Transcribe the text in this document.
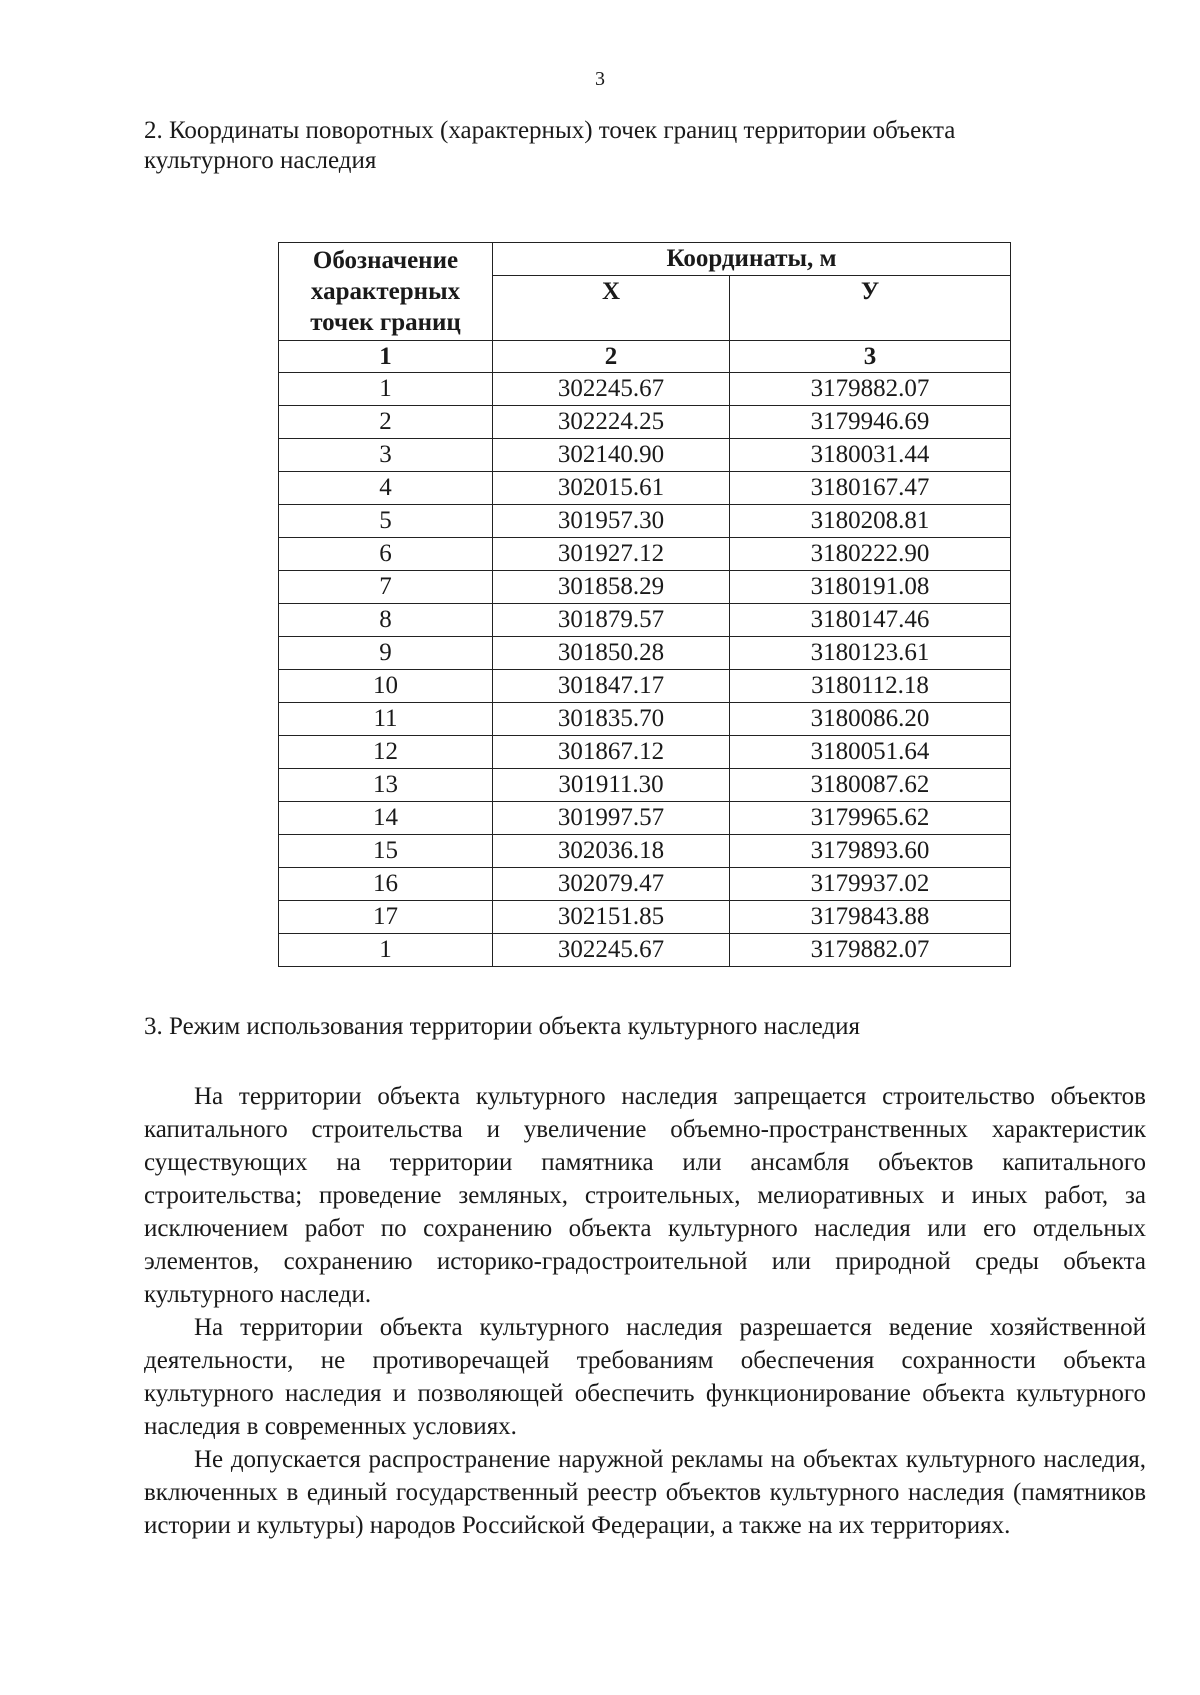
3
2. Координаты поворотных (характерных) точек границ территории объекта культурного наследия
Обозначение характерных точек границ	Координаты, м	
	Х	У
1	2	3
1	302245.67	3179882.07
2	302224.25	3179946.69
3	302140.90	3180031.44
4	302015.61	3180167.47
5	301957.30	3180208.81
6	301927.12	3180222.90
7	301858.29	3180191.08
8	301879.57	3180147.46
9	301850.28	3180123.61
10	301847.17	3180112.18
11	301835.70	3180086.20
12	301867.12	3180051.64
13	301911.30	3180087.62
14	301997.57	3179965.62
15	302036.18	3179893.60
16	302079.47	3179937.02
17	302151.85	3179843.88
1	302245.67	3179882.07
3. Режим использования территории объекта культурного наследия

На территории объекта культурного наследия запрещается строительство объектов капитального строительства и увеличение объемно-пространственных характеристик существующих на территории памятника или ансамбля объектов капитального строительства; проведение земляных, строительных, мелиоративных и иных работ, за исключением работ по сохранению объекта культурного наследия или его отдельных элементов, сохранению историко-градостроительной или природной среды объекта культурного наследи.

На территории объекта культурного наследия разрешается ведение хозяйственной деятельности, не противоречащей требованиям обеспечения сохранности объекта культурного наследия и позволяющей обеспечить функционирование объекта культурного наследия в современных условиях.

Не допускается распространение наружной рекламы на объектах культурного наследия, включенных в единый государственный реестр объектов культурного наследия (памятников истории и культуры) народов Российской Федерации, а также на их территориях.
